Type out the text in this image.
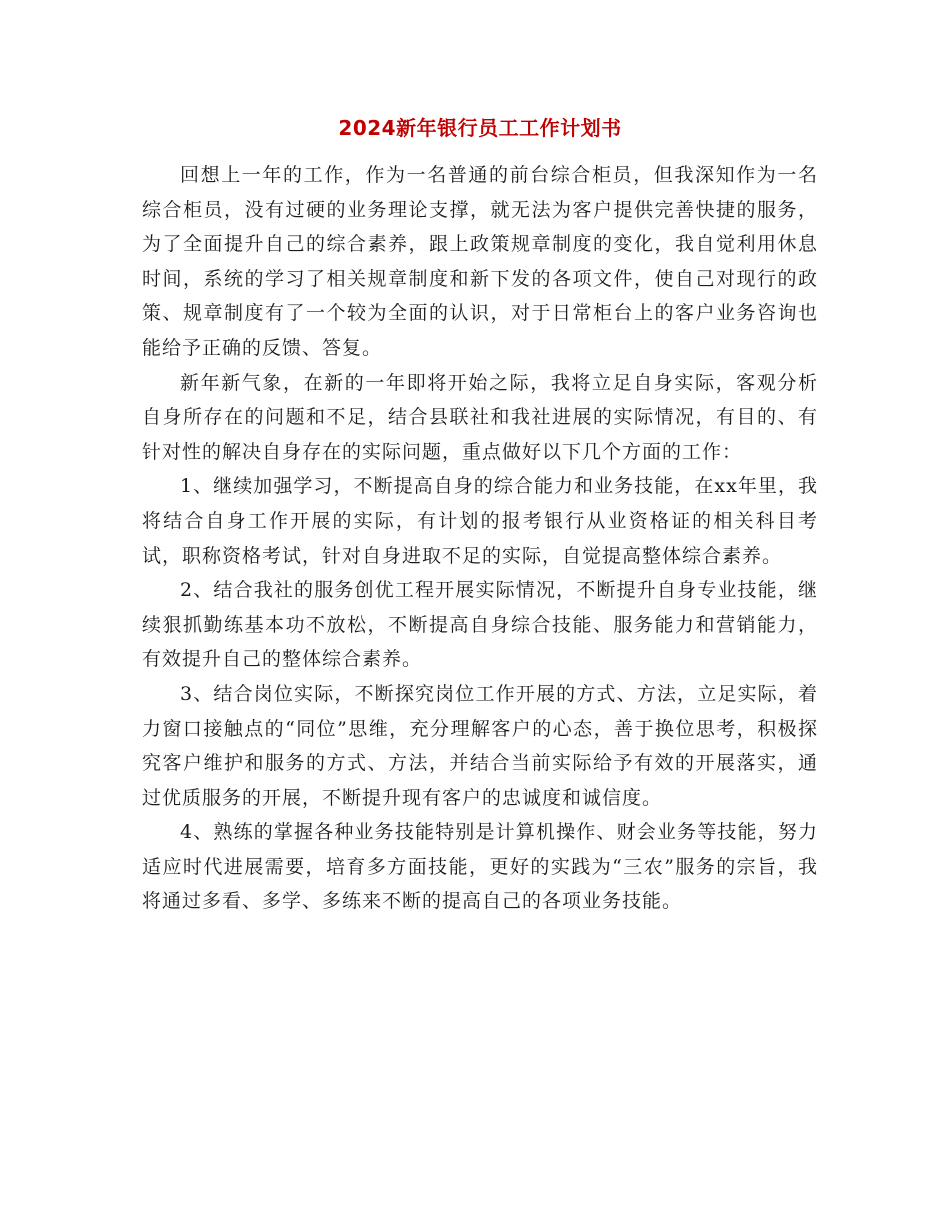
2024新年银行员工工作计划书

回想上一年的工作，作为一名普通的前台综合柜员，但我深知作为一名综合柜员，没有过硬的业务理论支撑，就无法为客户提供完善快捷的服务，为了全面提升自己的综合素养，跟上政策规章制度的变化，我自觉利用休息时间，系统的学习了相关规章制度和新下发的各项文件，使自己对现行的政策、规章制度有了一个较为全面的认识，对于日常柜台上的客户业务咨询也能给予正确的反馈、答复。

新年新气象，在新的一年即将开始之际，我将立足自身实际，客观分析自身所存在的问题和不足，结合县联社和我社进展的实际情况，有目的、有针对性的解决自身存在的实际问题，重点做好以下几个方面的工作：

1、继续加强学习，不断提高自身的综合能力和业务技能，在xx年里，我将结合自身工作开展的实际，有计划的报考银行从业资格证的相关科目考试，职称资格考试，针对自身进取不足的实际，自觉提高整体综合素养。

2、结合我社的服务创优工程开展实际情况，不断提升自身专业技能，继续狠抓勤练基本功不放松，不断提高自身综合技能、服务能力和营销能力，有效提升自己的整体综合素养。

3、结合岗位实际，不断探究岗位工作开展的方式、方法，立足实际，着力窗口接触点的“同位”思维，充分理解客户的心态，善于换位思考，积极探究客户维护和服务的方式、方法，并结合当前实际给予有效的开展落实，通过优质服务的开展，不断提升现有客户的忠诚度和诚信度。

4、熟练的掌握各种业务技能特别是计算机操作、财会业务等技能，努力适应时代进展需要，培育多方面技能，更好的实践为“三农”服务的宗旨，我将通过多看、多学、多练来不断的提高自己的各项业务技能。
